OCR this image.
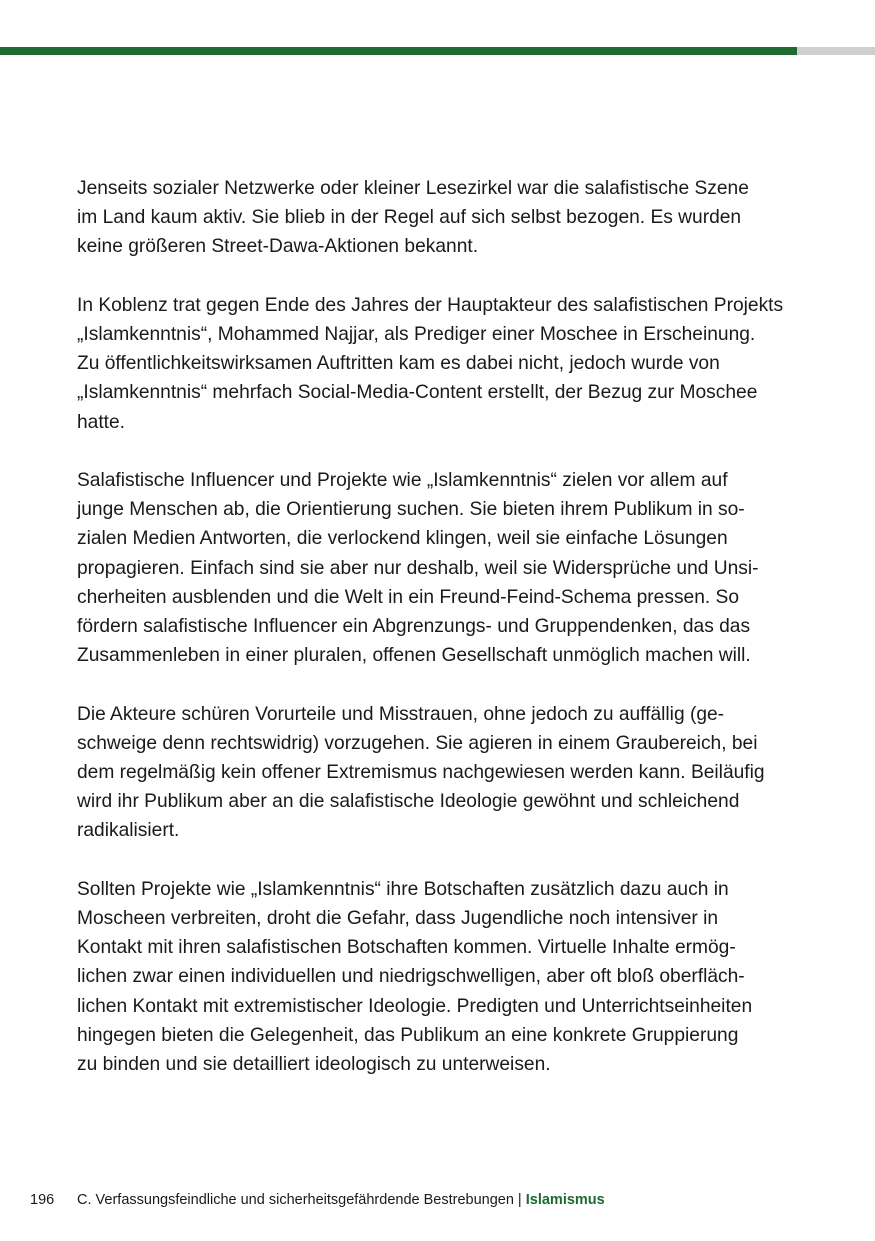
Jenseits sozialer Netzwerke oder kleiner Lesezirkel war die salafistische Szene
im Land kaum aktiv. Sie blieb in der Regel auf sich selbst bezogen. Es wurden
keine größeren Street-Dawa-Aktionen bekannt.

In Koblenz trat gegen Ende des Jahres der Hauptakteur des salafistischen Projekts
„Islamkenntnis“, Mohammed Najjar, als Prediger einer Moschee in Erscheinung.
Zu öffentlichkeitswirksamen Auftritten kam es dabei nicht, jedoch wurde von
„Islamkenntnis“ mehrfach Social-Media-Content erstellt, der Bezug zur Moschee
hatte.

Salafistische Influencer und Projekte wie „Islamkenntnis“ zielen vor allem auf
junge Menschen ab, die Orientierung suchen. Sie bieten ihrem Publikum in so-
zialen Medien Antworten, die verlockend klingen, weil sie einfache Lösungen
propagieren. Einfach sind sie aber nur deshalb, weil sie Widersprüche und Unsi-
cherheiten ausblenden und die Welt in ein Freund-Feind-Schema pressen. So
fördern salafistische Influencer ein Abgrenzungs- und Gruppendenken, das das
Zusammenleben in einer pluralen, offenen Gesellschaft unmöglich machen will.

Die Akteure schüren Vorurteile und Misstrauen, ohne jedoch zu auffällig (ge-
schweige denn rechtswidrig) vorzugehen. Sie agieren in einem Graubereich, bei
dem regelmäßig kein offener Extremismus nachgewiesen werden kann. Beiläufig
wird ihr Publikum aber an die salafistische Ideologie gewöhnt und schleichend
radikalisiert.

Sollten Projekte wie „Islamkenntnis“ ihre Botschaften zusätzlich dazu auch in
Moscheen verbreiten, droht die Gefahr, dass Jugendliche noch intensiver in
Kontakt mit ihren salafistischen Botschaften kommen. Virtuelle Inhalte ermög-
lichen zwar einen individuellen und niedrigschwelligen, aber oft bloß oberfläch-
lichen Kontakt mit extremistischer Ideologie. Predigten und Unterrichtseinheiten
hingegen bieten die Gelegenheit, das Publikum an eine konkrete Gruppierung
zu binden und sie detailliert ideologisch zu unterweisen.

196 C. Verfassungsfeindliche und sicherheitsgefährdende Bestrebungen | Islamismus
